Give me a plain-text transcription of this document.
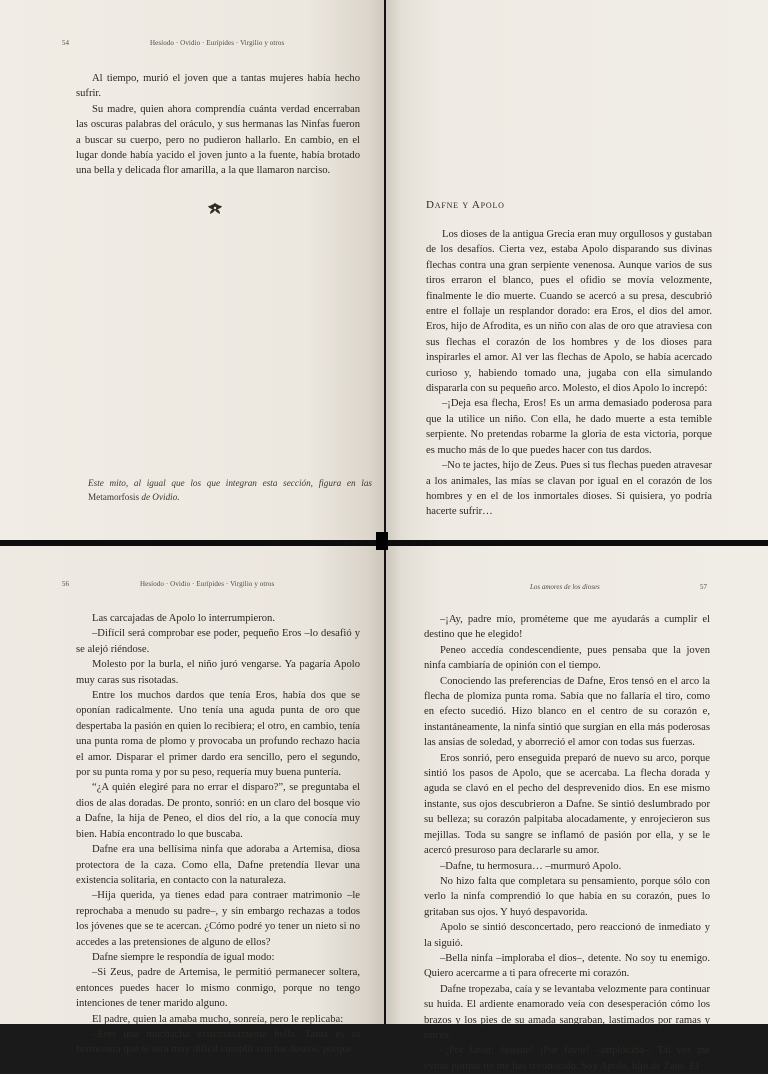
54	Hesíodo · Ovidio · Eurípides · Virgilio y otros

Al tiempo, murió el joven que a tantas mujeres había hecho sufrir.

Su madre, quien ahora comprendía cuánta verdad encerraban las oscuras palabras del oráculo, y sus hermanas las Ninfas fueron a buscar su cuerpo, pero no pudieron hallarlo. En cambio, en el lugar donde había yacido el joven junto a la fuente, había brotado una bella y delicada flor amarilla, a la que llamaron narciso.

Este mito, al igual que los que integran esta sección, figura en las Metamorfosis de Ovidio.
Dafne y Apolo

Los dioses de la antigua Grecia eran muy orgullosos y gustaban de los desafíos. Cierta vez, estaba Apolo disparando sus divinas flechas contra una gran serpiente venenosa. Aunque varios de sus tiros erraron el blanco, pues el ofidio se movía velozmente, finalmente le dio muerte. Cuando se acercó a su presa, descubrió entre el follaje un resplandor dorado: era Eros, el dios del amor. Eros, hijo de Afrodita, es un niño con alas de oro que atraviesa con sus flechas el corazón de los hombres y de los dioses para inspirarles el amor. Al ver las flechas de Apolo, se había acercado curioso y, habiendo tomado una, jugaba con ella simulando dispararla con su pequeño arco. Molesto, el dios Apolo lo increpó:

–¡Deja esa flecha, Eros! Es un arma demasiado poderosa para que la utilice un niño. Con ella, he dado muerte a esta temible serpiente. No pretendas robarme la gloria de esta victoria, porque es mucho más de lo que puedes hacer con tus dardos.

–No te jactes, hijo de Zeus. Pues si tus flechas pueden atravesar a los animales, las mías se clavan por igual en el corazón de los hombres y en el de los inmortales dioses. Si quisiera, yo podría hacerte sufrir…

56	Hesíodo · Ovidio · Eurípides · Virgilio y otros

Las carcajadas de Apolo lo interrumpieron.

–Difícil será comprobar ese poder, pequeño Eros –lo desafió y se alejó riéndose.

Molesto por la burla, el niño juró vengarse. Ya pagaría Apolo muy caras sus risotadas.

Entre los muchos dardos que tenía Eros, había dos que se oponían radicalmente. Uno tenía una aguda punta de oro que despertaba la pasión en quien lo recibiera; el otro, en cambio, tenía una punta roma de plomo y provocaba un profundo rechazo hacia el amor. Disparar el primer dardo era sencillo, pero el segundo, por su punta roma y por su peso, requería muy buena puntería.

“¿A quién elegiré para no errar el disparo?”, se preguntaba el dios de alas doradas. De pronto, sonrió: en un claro del bosque vio a Dafne, la hija de Peneo, el dios del río, a la que conocía muy bien. Había encontrado lo que buscaba.

Dafne era una bellísima ninfa que adoraba a Artemisa, diosa protectora de la caza. Como ella, Dafne pretendía llevar una existencia solitaria, en contacto con la naturaleza.

–Hija querida, ya tienes edad para contraer matrimonio –le reprochaba a menudo su padre–, y sin embargo rechazas a todos los jóvenes que se te acercan. ¿Cómo podré yo tener un nieto si no accedes a las pretensiones de alguno de ellos?

Dafne siempre le respondía de igual modo:

–Si Zeus, padre de Artemisa, le permitió permanecer soltera, entonces puedes hacer lo mismo conmigo, porque no tengo intenciones de tener marido alguno.

El padre, quien la amaba mucho, sonreía, pero le replicaba:

–Eres una muchacha extremadamente bella. Tanta es tu hermosura que te será muy difícil cumplir con tus deseos, porque

Los amores de los dioses	57

–¡Ay, padre mío, prométeme que me ayudarás a cumplir el destino que he elegido!

Peneo accedía condescendiente, pues pensaba que la joven ninfa cambiaría de opinión con el tiempo.

Conociendo las preferencias de Dafne, Eros tensó en el arco la flecha de plomiza punta roma. Sabía que no fallaría el tiro, como en efecto sucedió. Hizo blanco en el centro de su corazón e, instantáneamente, la ninfa sintió que surgían en ella más poderosas las ansias de soledad, y aborreció el amor con todas sus fuerzas.

Eros sonrió, pero enseguida preparó de nuevo su arco, porque sintió los pasos de Apolo, que se acercaba. La flecha dorada y aguda se clavó en el pecho del desprevenido dios. En ese mismo instante, sus ojos descubrieron a Dafne. Se sintió deslumbrado por su belleza; su corazón palpitaba alocadamente, y enrojecieron sus mejillas. Toda su sangre se inflamó de pasión por ella, y se le acercó presuroso para declararle su amor.

–Dafne, tu hermosura… –murmuró Apolo.

No hizo falta que completara su pensamiento, porque sólo con verlo la ninfa comprendió lo que había en su corazón, pues lo gritaban sus ojos. Y huyó despavorida.

Apolo se sintió desconcertado, pero reaccionó de inmediato y la siguió.

–Bella ninfa –imploraba el dios–, detente. No soy tu enemigo. Quiero acercarme a ti para ofrecerte mi corazón.

Dafne tropezaba, caía y se levantaba velozmente para continuar su huida. El ardiente enamorado veía con desesperación cómo los brazos y los pies de su amada sangraban, lastimados por ramas y raíces.

–¡Por favor, detente! ¡Por favor! –imploraba–. Tal vez me evitas porque no me has reconocido. Soy Apolo, hijo de Zeus. El
